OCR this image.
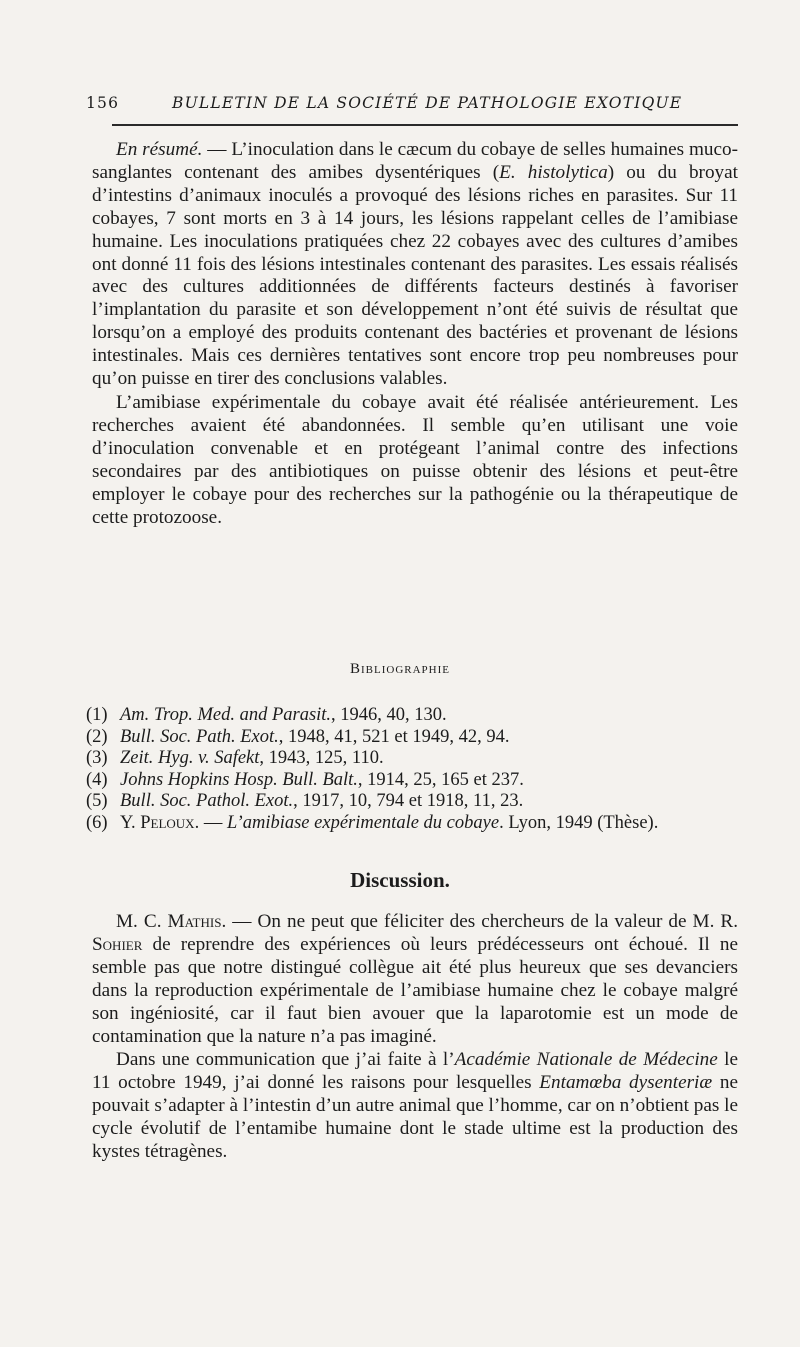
156	BULLETIN DE LA SOCIÉTÉ DE PATHOLOGIE EXOTIQUE

En résumé. — L’inoculation dans le cæcum du cobaye de selles humaines muco-sanglantes contenant des amibes dysentériques (E. histolytica) ou du broyat d’intestins d’animaux inoculés a provoqué des lésions riches en parasites. Sur 11 cobayes, 7 sont morts en 3 à 14 jours, les lésions rappelant celles de l’amibiase humaine. Les inoculations pratiquées chez 22 cobayes avec des cultures d’amibes ont donné 11 fois des lésions intestinales contenant des parasites. Les essais réalisés avec des cultures additionnées de différents facteurs destinés à favoriser l’implantation du parasite et son développement n’ont été suivis de résultat que lorsqu’on a employé des produits contenant des bactéries et provenant de lésions intestinales. Mais ces dernières tentatives sont encore trop peu nombreuses pour qu’on puisse en tirer des conclusions valables.

L’amibiase expérimentale du cobaye avait été réalisée antérieurement. Les recherches avaient été abandonnées. Il semble qu’en utilisant une voie d’inoculation convenable et en protégeant l’animal contre des infections secondaires par des antibiotiques on puisse obtenir des lésions et peut-être employer le cobaye pour des recherches sur la pathogénie ou la thérapeutique de cette protozoose.

Bibliographie
(1) Am. Trop. Med. and Parasit., 1946, 40, 130.
(2) Bull. Soc. Path. Exot., 1948, 41, 521 et 1949, 42, 94.
(3) Zeit. Hyg. v. Safekt, 1943, 125, 110.
(4) Johns Hopkins Hosp. Bull. Balt., 1914, 25, 165 et 237.
(5) Bull. Soc. Pathol. Exot., 1917, 10, 794 et 1918, 11, 23.
(6) Y. Peloux. — L’amibiase expérimentale du cobaye. Lyon, 1949 (Thèse).
Discussion.

M. C. Mathis. — On ne peut que féliciter des chercheurs de la valeur de M. R. Sohier de reprendre des expériences où leurs prédécesseurs ont échoué. Il ne semble pas que notre distingué collègue ait été plus heureux que ses devanciers dans la reproduction expérimentale de l’amibiase humaine chez le cobaye malgré son ingéniosité, car il faut bien avouer que la laparotomie est un mode de contamination que la nature n’a pas imaginé.

Dans une communication que j’ai faite à l’Académie Nationale de Médecine le 11 octobre 1949, j’ai donné les raisons pour lesquelles Entamœba dysenteriæ ne pouvait s’adapter à l’intestin d’un autre animal que l’homme, car on n’obtient pas le cycle évolutif de l’entamibe humaine dont le stade ultime est la production des kystes tétragènes.
